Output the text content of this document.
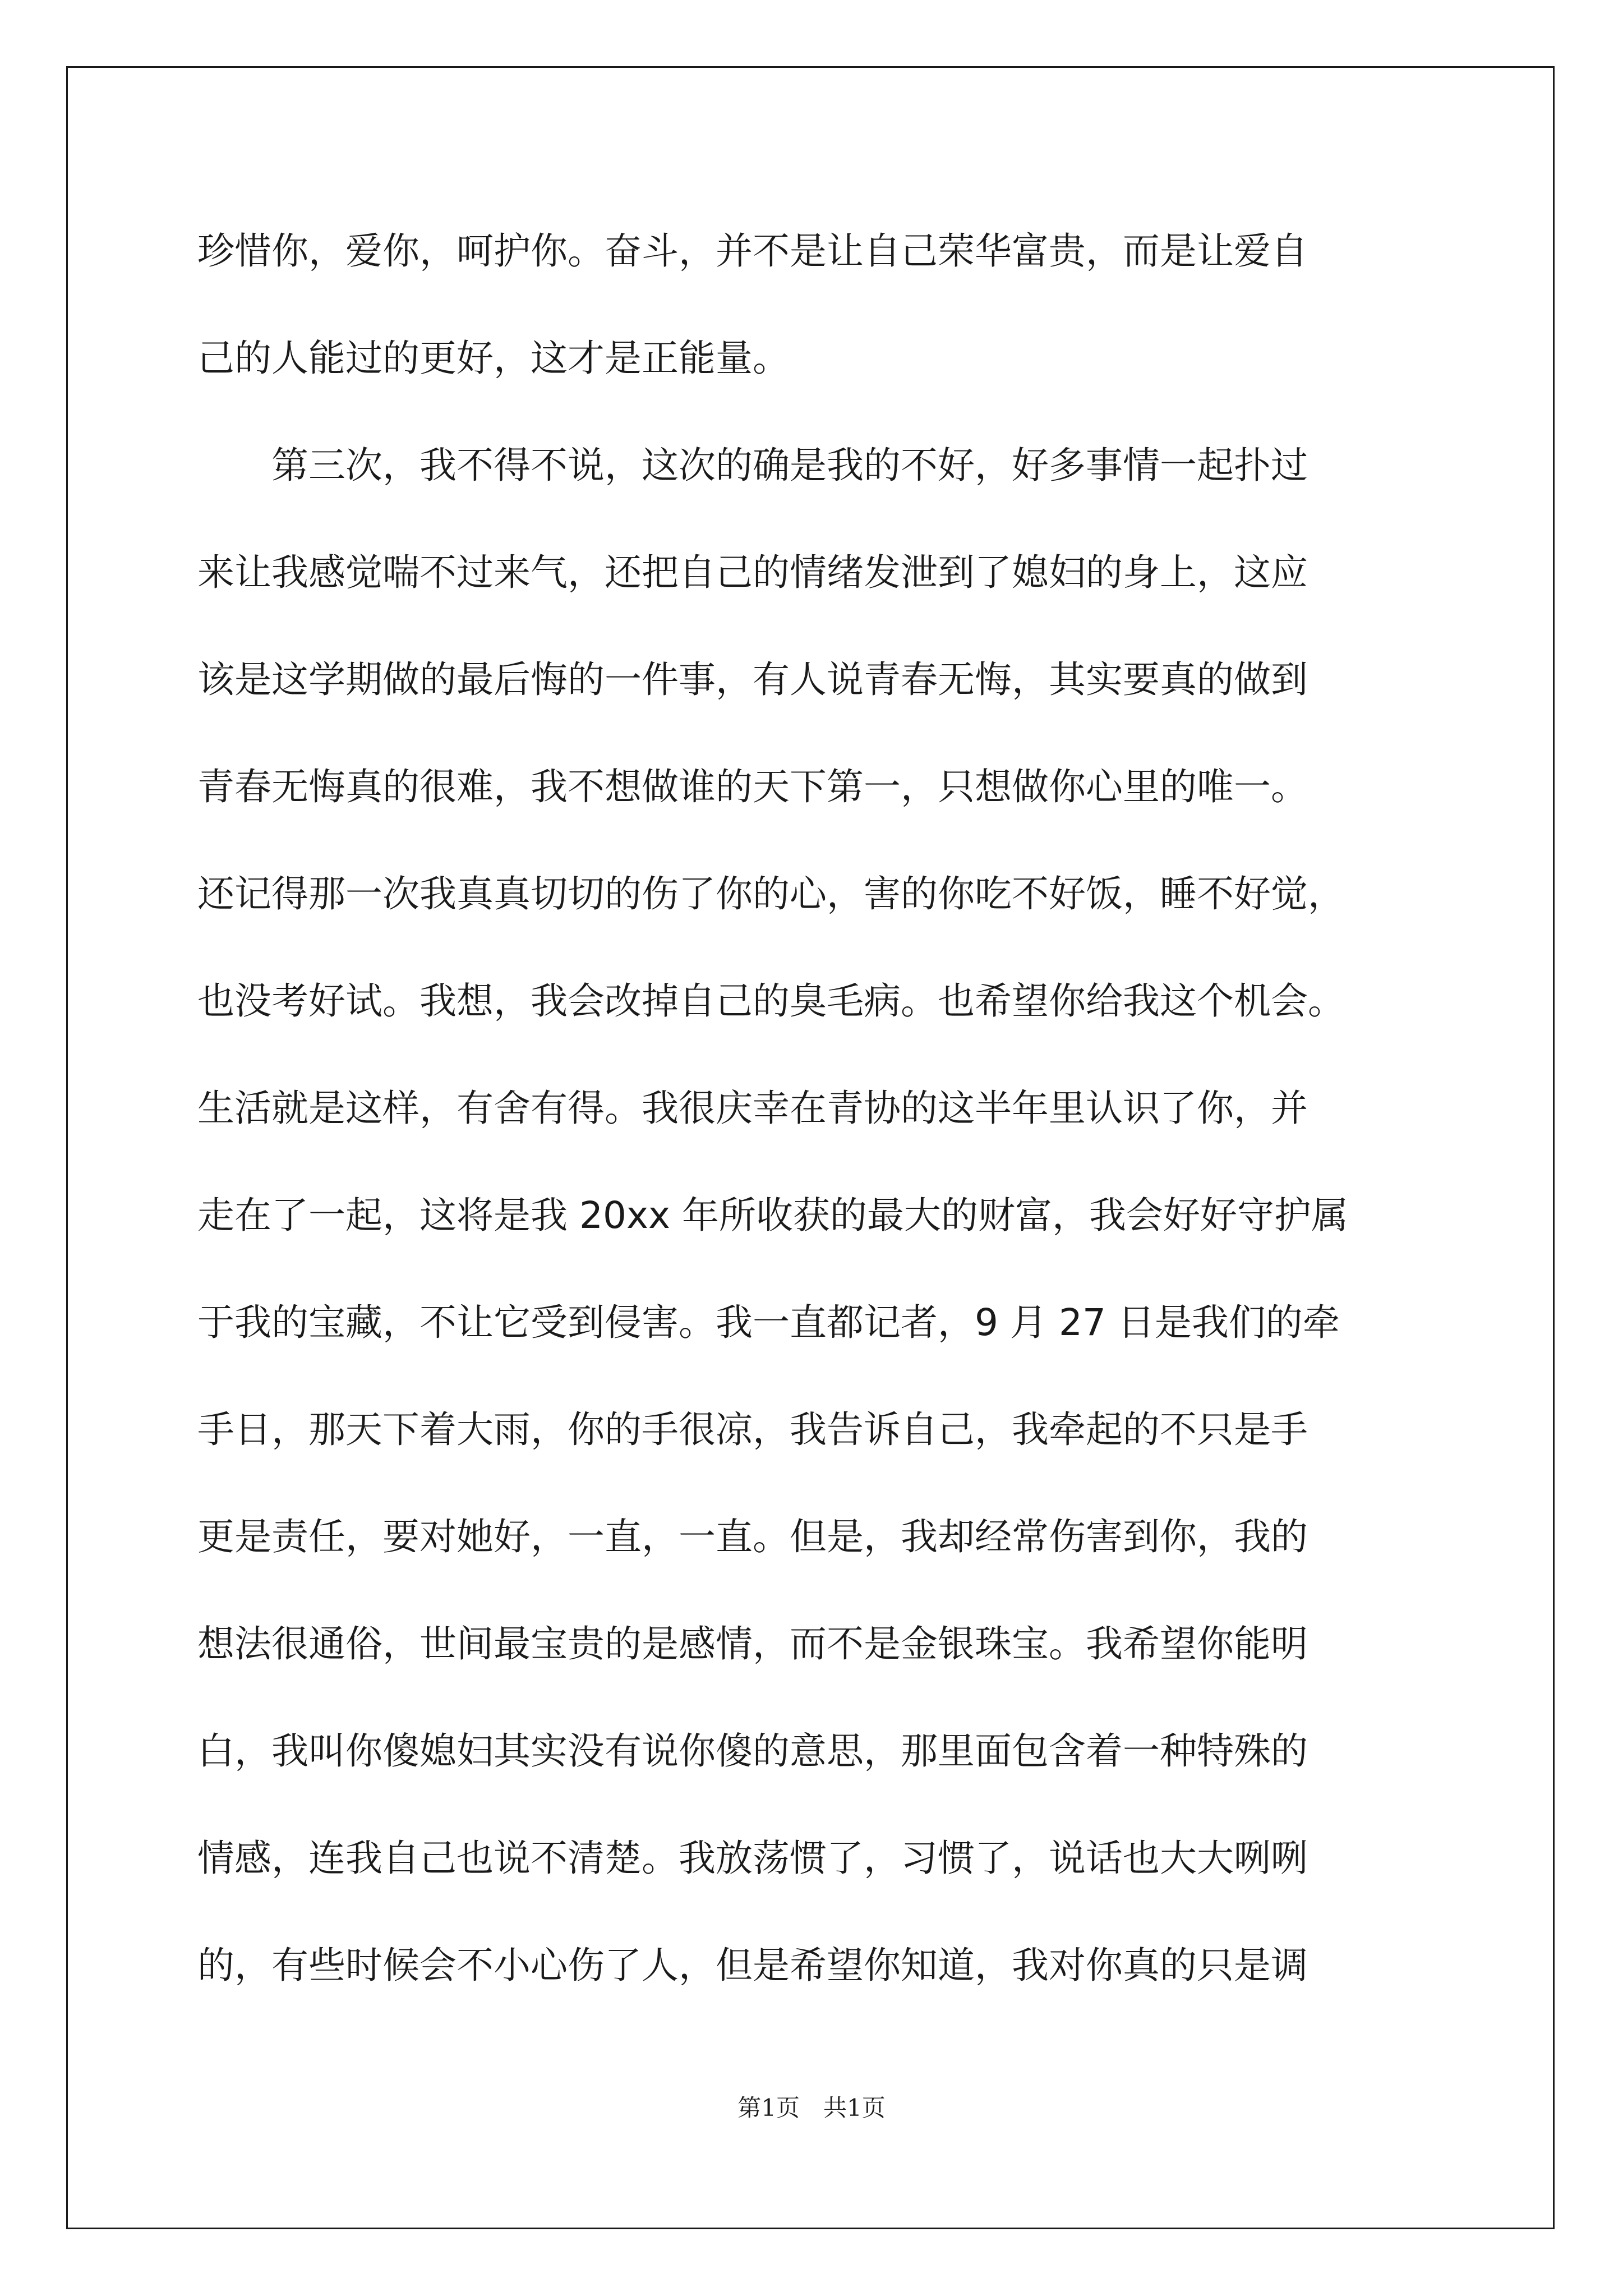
珍惜你，爱你，呵护你。奋斗，并不是让自己荣华富贵，而是让爱自
己的人能过的更好，这才是正能量。
　　第三次，我不得不说，这次的确是我的不好，好多事情一起扑过
来让我感觉喘不过来气，还把自己的情绪发泄到了媳妇的身上，这应
该是这学期做的最后悔的一件事，有人说青春无悔，其实要真的做到
青春无悔真的很难，我不想做谁的天下第一，只想做你心里的唯一。
还记得那一次我真真切切的伤了你的心，害的你吃不好饭，睡不好觉，
也没考好试。我想，我会改掉自己的臭毛病。也希望你给我这个机会。
生活就是这样，有舍有得。我很庆幸在青协的这半年里认识了你，并
走在了一起，这将是我 20xx 年所收获的最大的财富，我会好好守护属
于我的宝藏，不让它受到侵害。我一直都记者，9 月 27 日是我们的牵
手日，那天下着大雨，你的手很凉，我告诉自己，我牵起的不只是手
更是责任，要对她好，一直，一直。但是，我却经常伤害到你，我的
想法很通俗，世间最宝贵的是感情，而不是金银珠宝。我希望你能明
白，我叫你傻媳妇其实没有说你傻的意思，那里面包含着一种特殊的
情感，连我自己也说不清楚。我放荡惯了，习惯了，说话也大大咧咧
的，有些时候会不小心伤了人，但是希望你知道，我对你真的只是调
第1页　共1页
